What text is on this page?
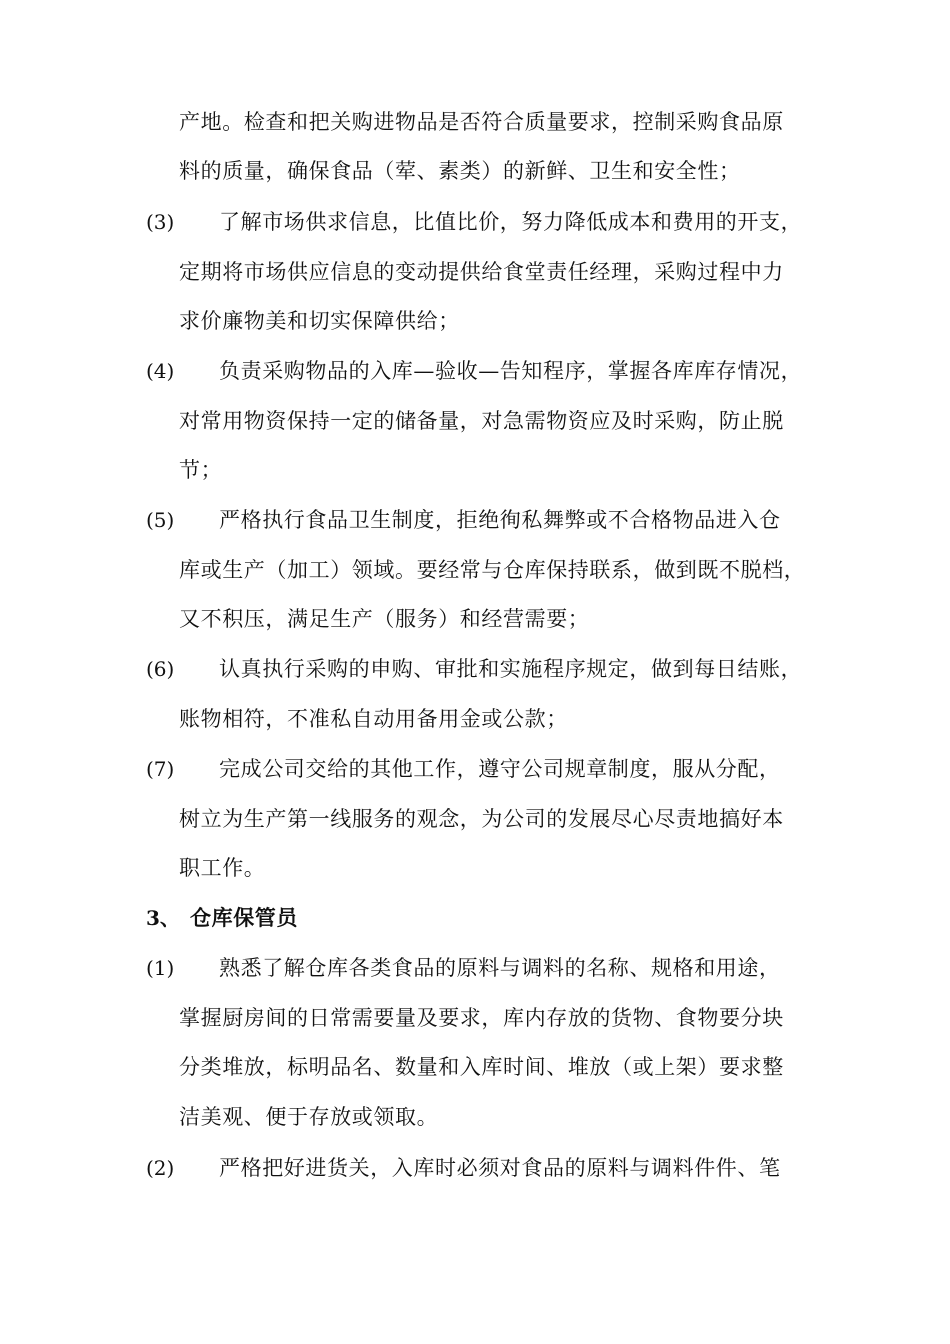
产地。检查和把关购进物品是否符合质量要求，控制采购食品原
料的质量，确保食品（荤、素类）的新鲜、卫生和安全性；
(3) 了解市场供求信息，比值比价，努力降低成本和费用的开支，
定期将市场供应信息的变动提供给食堂责任经理，采购过程中力
求价廉物美和切实保障供给；
(4) 负责采购物品的入库—验收—告知程序，掌握各库库存情况，
对常用物资保持一定的储备量，对急需物资应及时采购，防止脱
节；
(5) 严格执行食品卫生制度，拒绝徇私舞弊或不合格物品进入仓
库或生产（加工）领域。要经常与仓库保持联系，做到既不脱档，
又不积压，满足生产（服务）和经营需要；
(6) 认真执行采购的申购、审批和实施程序规定，做到每日结账，
账物相符，不准私自动用备用金或公款；
(7) 完成公司交给的其他工作，遵守公司规章制度，服从分配，
树立为生产第一线服务的观念，为公司的发展尽心尽责地搞好本
职工作。
3、 仓库保管员
(1) 熟悉了解仓库各类食品的原料与调料的名称、规格和用途，
掌握厨房间的日常需要量及要求，库内存放的货物、食物要分块
分类堆放，标明品名、数量和入库时间、堆放（或上架）要求整
洁美观、便于存放或领取。
(2) 严格把好进货关，入库时必须对食品的原料与调料件件、笔
